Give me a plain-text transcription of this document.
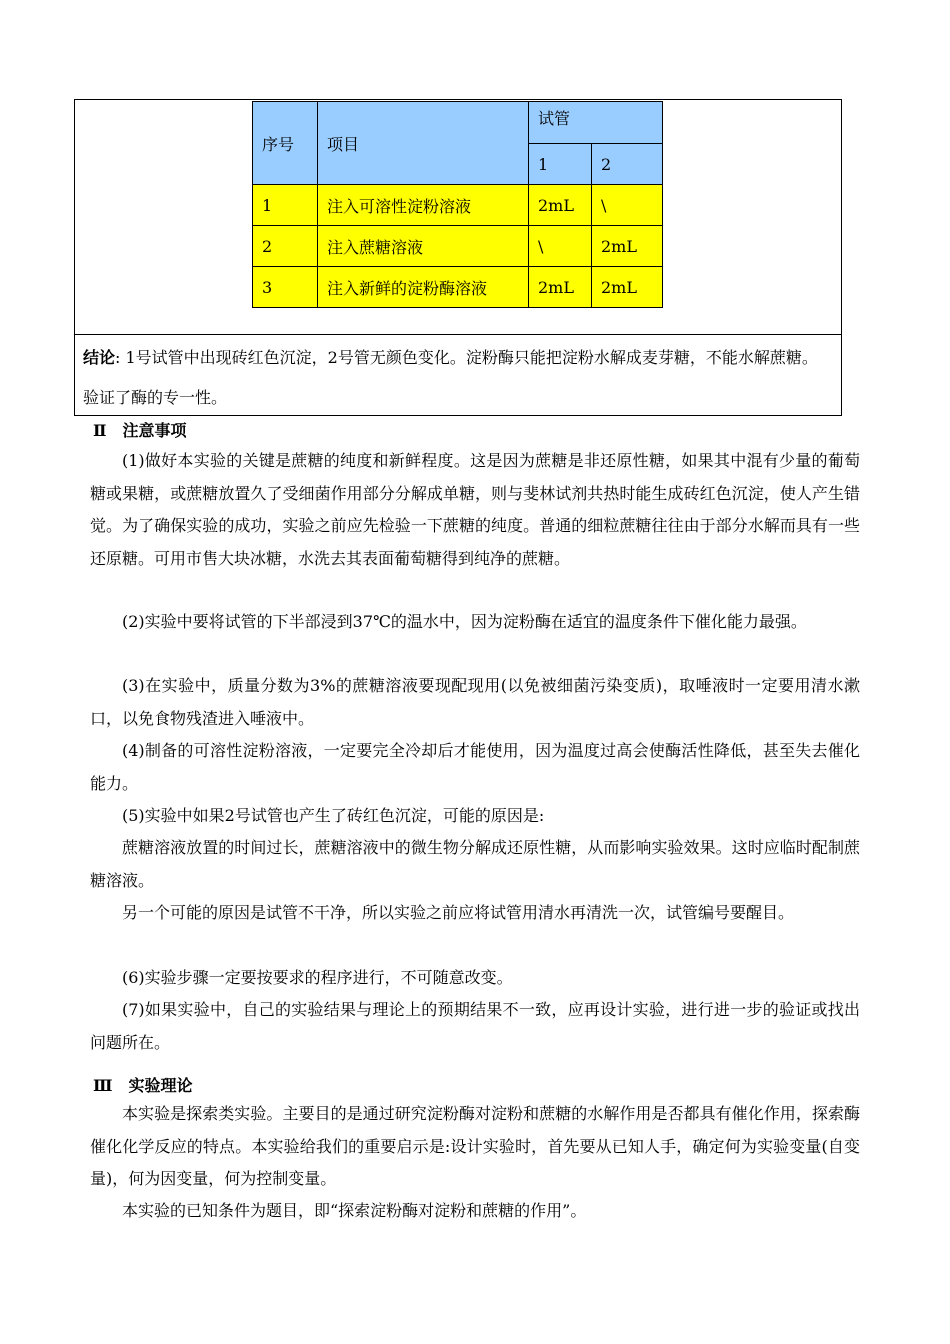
序号	项目	试管	
		1	2
1	注入可溶性淀粉溶液	2mL	\
2	注入蔗糖溶液	\	2mL
3	注入新鲜的淀粉酶溶液	2mL	2mL
结论: 1号试管中出现砖红色沉淀，2号管无颜色变化。淀粉酶只能把淀粉水解成麦芽糖，不能水解蔗糖。验证了酶的专一性。
Ⅱ　注意事项
(1)做好本实验的关键是蔗糖的纯度和新鲜程度。这是因为蔗糖是非还原性糖，如果其中混有少量的葡萄糖或果糖，或蔗糖放置久了受细菌作用部分分解成单糖，则与斐林试剂共热时能生成砖红色沉淀，使人产生错觉。为了确保实验的成功，实验之前应先检验一下蔗糖的纯度。普通的细粒蔗糖往往由于部分水解而具有一些还原糖。可用市售大块冰糖，水洗去其表面葡萄糖得到纯净的蔗糖。
(2)实验中要将试管的下半部浸到37℃的温水中，因为淀粉酶在适宜的温度条件下催化能力最强。
(3)在实验中，质量分数为3%的蔗糖溶液要现配现用(以免被细菌污染变质)，取唾液时一定要用清水漱口，以免食物残渣进入唾液中。
(4)制备的可溶性淀粉溶液，一定要完全冷却后才能使用，因为温度过高会使酶活性降低，甚至失去催化能力。
(5)实验中如果2号试管也产生了砖红色沉淀，可能的原因是:
蔗糖溶液放置的时间过长，蔗糖溶液中的微生物分解成还原性糖，从而影响实验效果。这时应临时配制蔗糖溶液。
另一个可能的原因是试管不干净，所以实验之前应将试管用清水再清洗一次，试管编号要醒目。
(6)实验步骤一定要按要求的程序进行，不可随意改变。
(7)如果实验中，自己的实验结果与理论上的预期结果不一致，应再设计实验，进行进一步的验证或找出问题所在。
Ⅲ　实验理论
本实验是探索类实验。主要目的是通过研究淀粉酶对淀粉和蔗糖的水解作用是否都具有催化作用，探索酶催化化学反应的特点。本实验给我们的重要启示是:设计实验时，首先要从已知人手，确定何为实验变量(自变量)，何为因变量，何为控制变量。
本实验的已知条件为题目，即“探索淀粉酶对淀粉和蔗糖的作用”。
